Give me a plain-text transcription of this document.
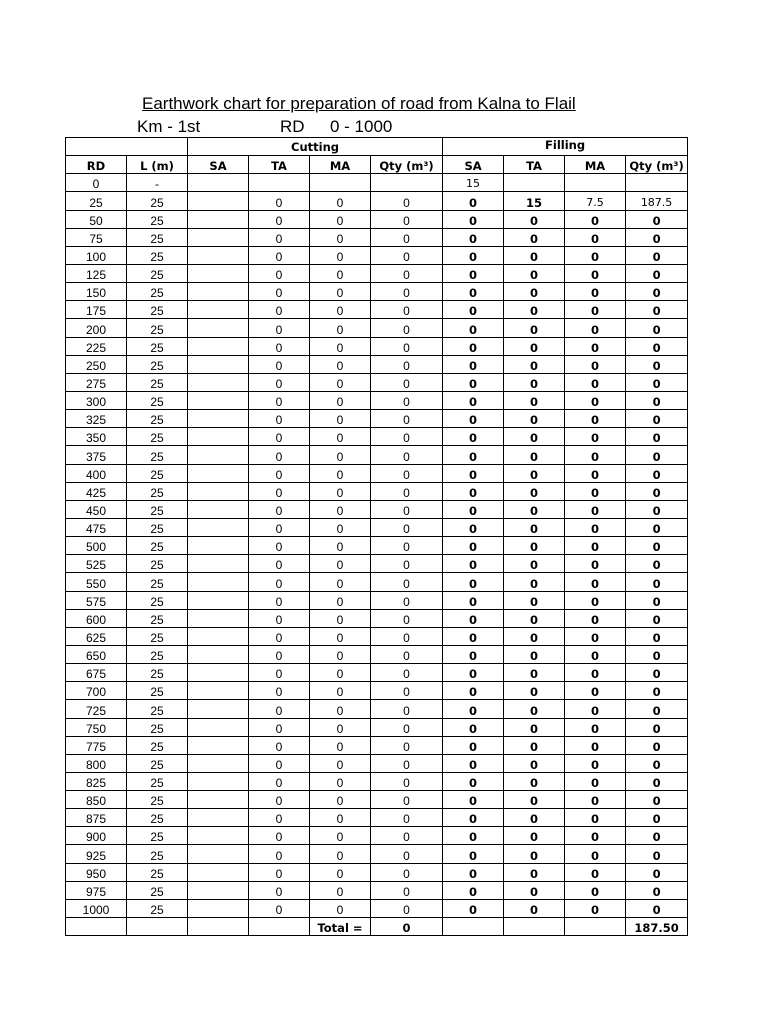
Earthwork chart for preparation of road from Kalna to Flail
Km - 1st	RD 0 - 1000
		Cutting				Filling			
RD	L (m)	SA	TA	MA	Qty (m³)	SA	TA	MA	Qty (m³)
0	-					15			
25	25		0	0	0	0	15	7.5	187.5
50	25		0	0	0	0	0	0	0
75	25		0	0	0	0	0	0	0
100	25		0	0	0	0	0	0	0
125	25		0	0	0	0	0	0	0
150	25		0	0	0	0	0	0	0
175	25		0	0	0	0	0	0	0
200	25		0	0	0	0	0	0	0
225	25		0	0	0	0	0	0	0
250	25		0	0	0	0	0	0	0
275	25		0	0	0	0	0	0	0
300	25		0	0	0	0	0	0	0
325	25		0	0	0	0	0	0	0
350	25		0	0	0	0	0	0	0
375	25		0	0	0	0	0	0	0
400	25		0	0	0	0	0	0	0
425	25		0	0	0	0	0	0	0
450	25		0	0	0	0	0	0	0
475	25		0	0	0	0	0	0	0
500	25		0	0	0	0	0	0	0
525	25		0	0	0	0	0	0	0
550	25		0	0	0	0	0	0	0
575	25		0	0	0	0	0	0	0
600	25		0	0	0	0	0	0	0
625	25		0	0	0	0	0	0	0
650	25		0	0	0	0	0	0	0
675	25		0	0	0	0	0	0	0
700	25		0	0	0	0	0	0	0
725	25		0	0	0	0	0	0	0
750	25		0	0	0	0	0	0	0
775	25		0	0	0	0	0	0	0
800	25		0	0	0	0	0	0	0
825	25		0	0	0	0	0	0	0
850	25		0	0	0	0	0	0	0
875	25		0	0	0	0	0	0	0
900	25		0	0	0	0	0	0	0
925	25		0	0	0	0	0	0	0
950	25		0	0	0	0	0	0	0
975	25		0	0	0	0	0	0	0
1000	25		0	0	0	0	0	0	0
				Total =	0				187.50
